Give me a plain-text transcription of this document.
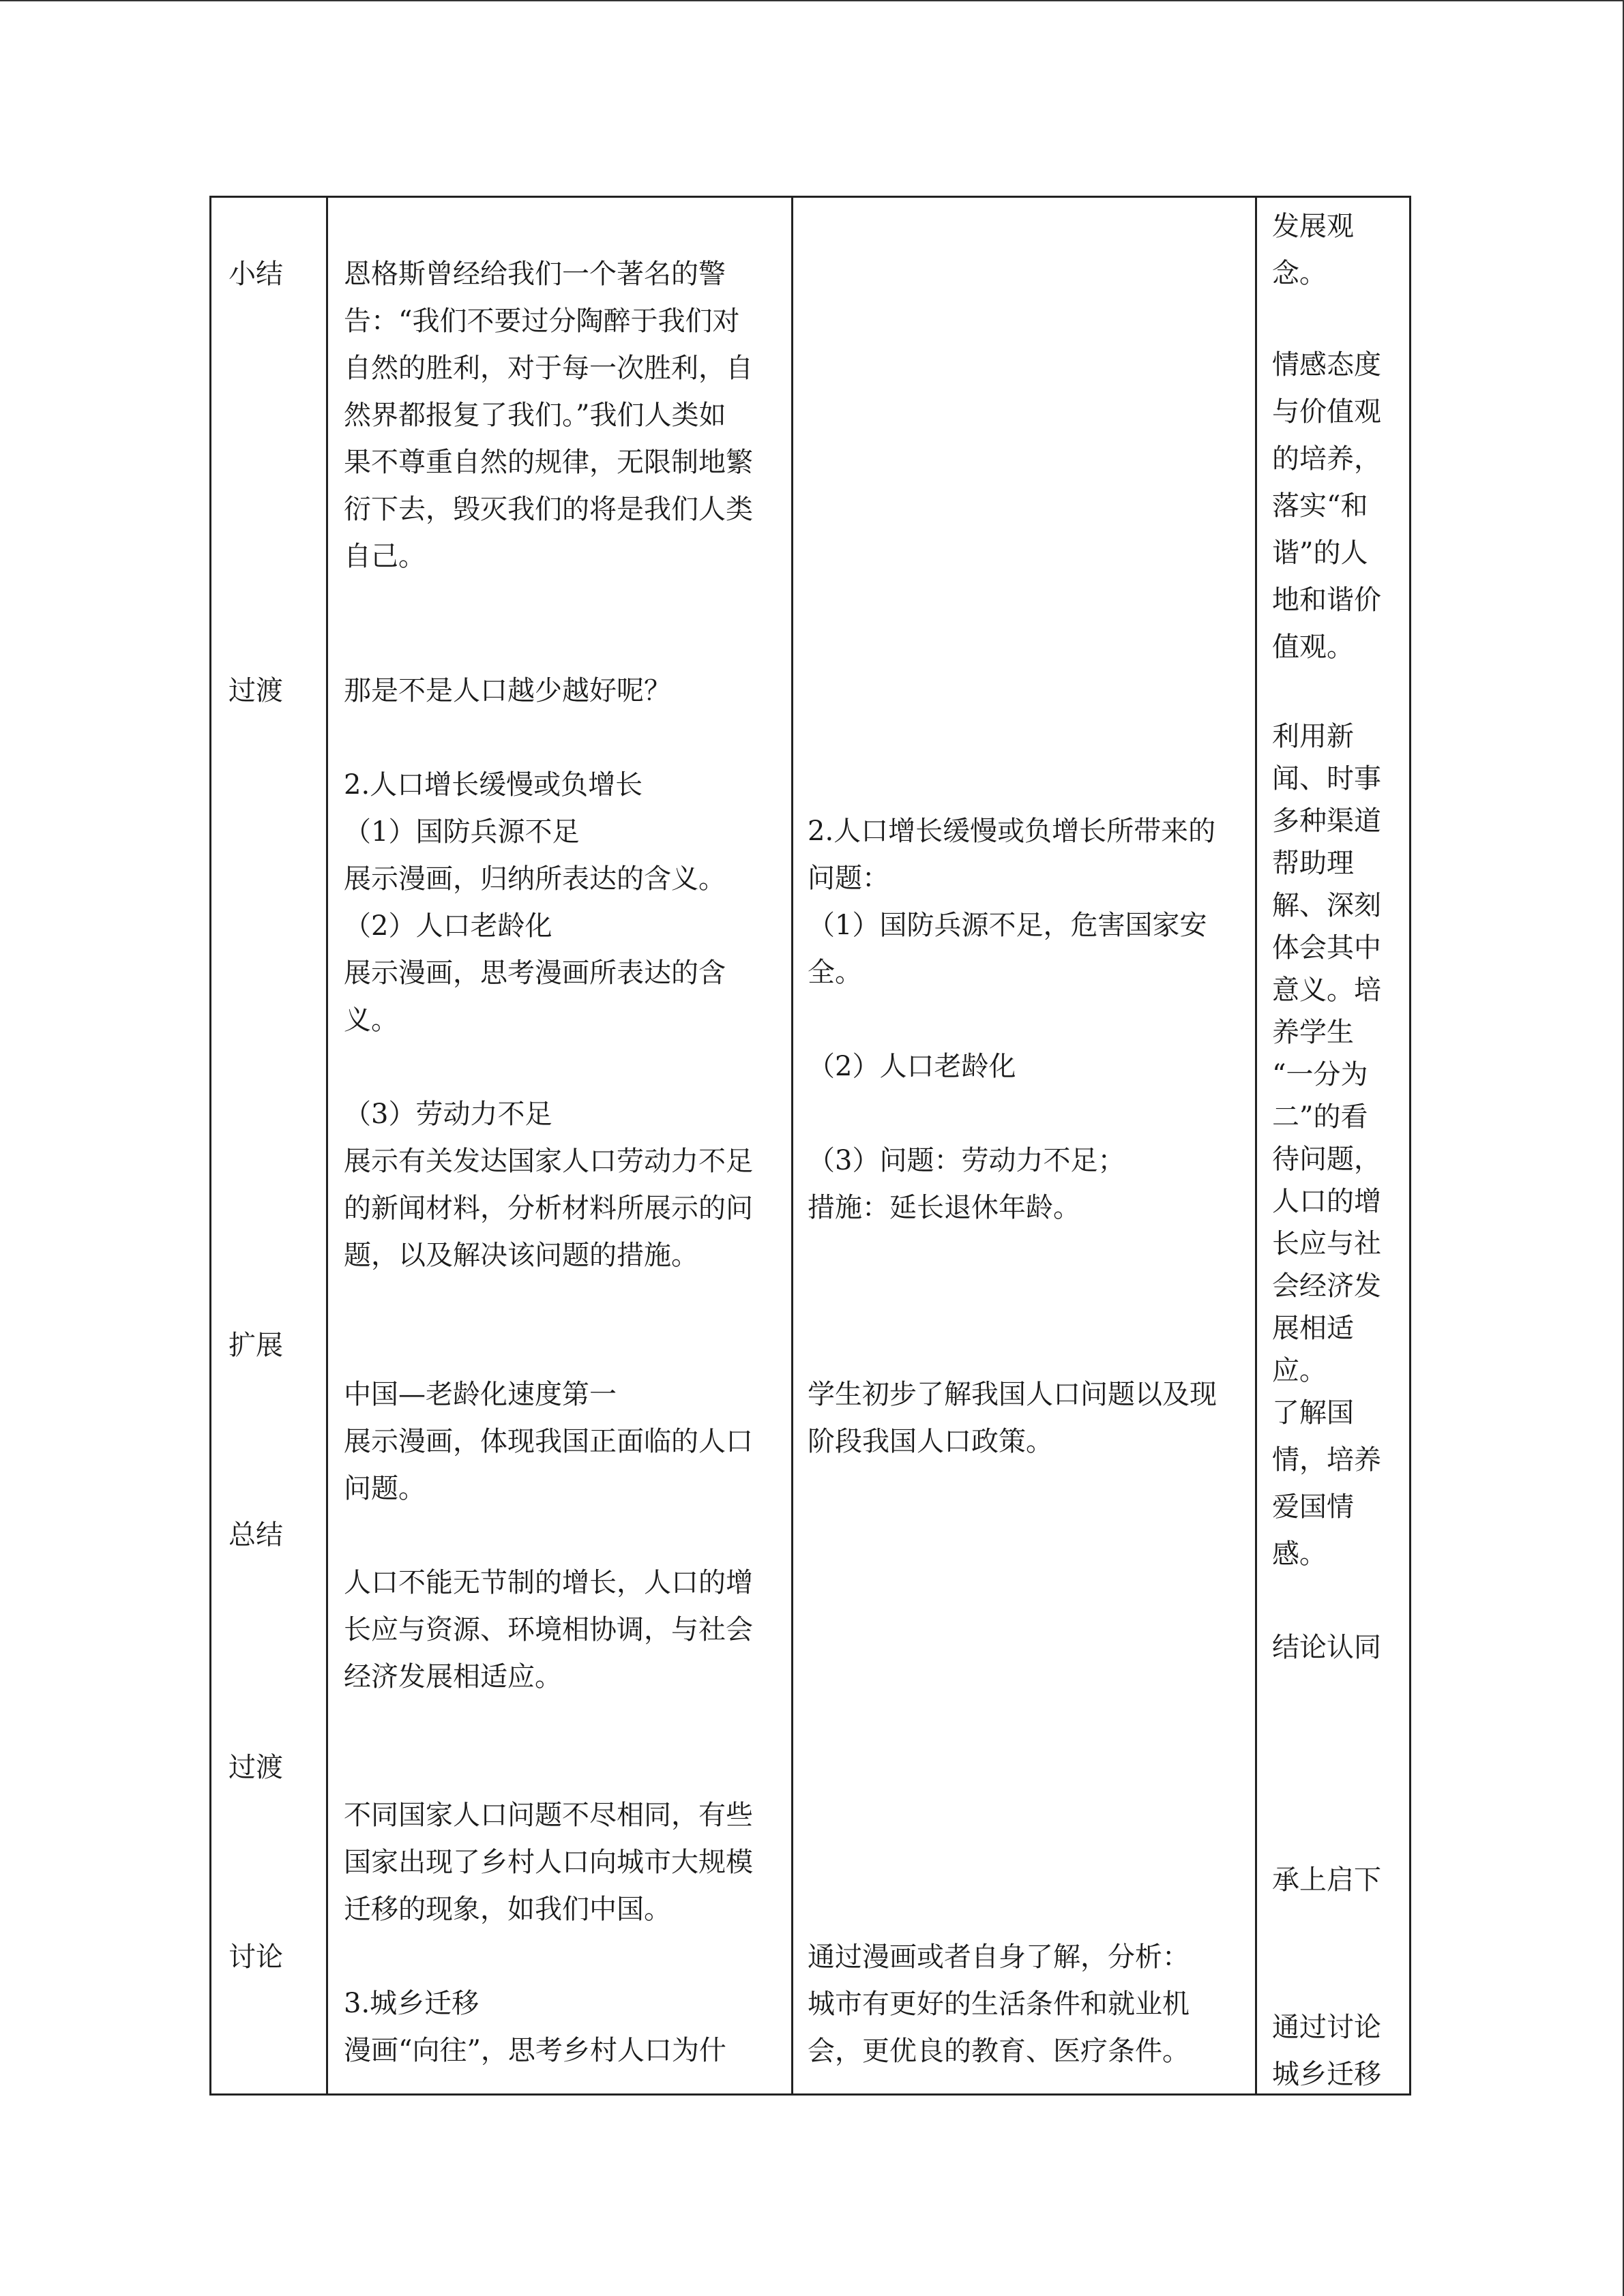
小结
过渡
扩展
总结
过渡
讨论
恩格斯曾经给我们一个著名的警
告：“我们不要过分陶醉于我们对
自然的胜利，对于每一次胜利，自
然界都报复了我们。”我们人类如
果不尊重自然的规律，无限制地繁
衍下去，毁灭我们的将是我们人类
自己。
那是不是人口越少越好呢？
2.人口增长缓慢或负增长
（1）国防兵源不足
展示漫画，归纳所表达的含义。
（2）人口老龄化
展示漫画，思考漫画所表达的含
义。
（3）劳动力不足
展示有关发达国家人口劳动力不足
的新闻材料，分析材料所展示的问
题，以及解决该问题的措施。
中国—老龄化速度第一
展示漫画，体现我国正面临的人口
问题。
人口不能无节制的增长，人口的增
长应与资源、环境相协调，与社会
经济发展相适应。
不同国家人口问题不尽相同，有些
国家出现了乡村人口向城市大规模
迁移的现象，如我们中国。
3.城乡迁移
漫画“向往”，思考乡村人口为什
2.人口增长缓慢或负增长所带来的
问题：
（1）国防兵源不足，危害国家安
全。
（2）人口老龄化
（3）问题：劳动力不足；
措施：延长退休年龄。
学生初步了解我国人口问题以及现
阶段我国人口政策。
通过漫画或者自身了解，分析：
城市有更好的生活条件和就业机
会，更优良的教育、医疗条件。
发展观
念。
情感态度
与价值观
的培养，
落实“和
谐”的人
地和谐价
值观。
利用新
闻、时事
多种渠道
帮助理
解、深刻
体会其中
意义。培
养学生
“一分为
二”的看
待问题，
人口的增
长应与社
会经济发
展相适
应。
了解国
情，培养
爱国情
感。
结论认同
承上启下
通过讨论
城乡迁移
